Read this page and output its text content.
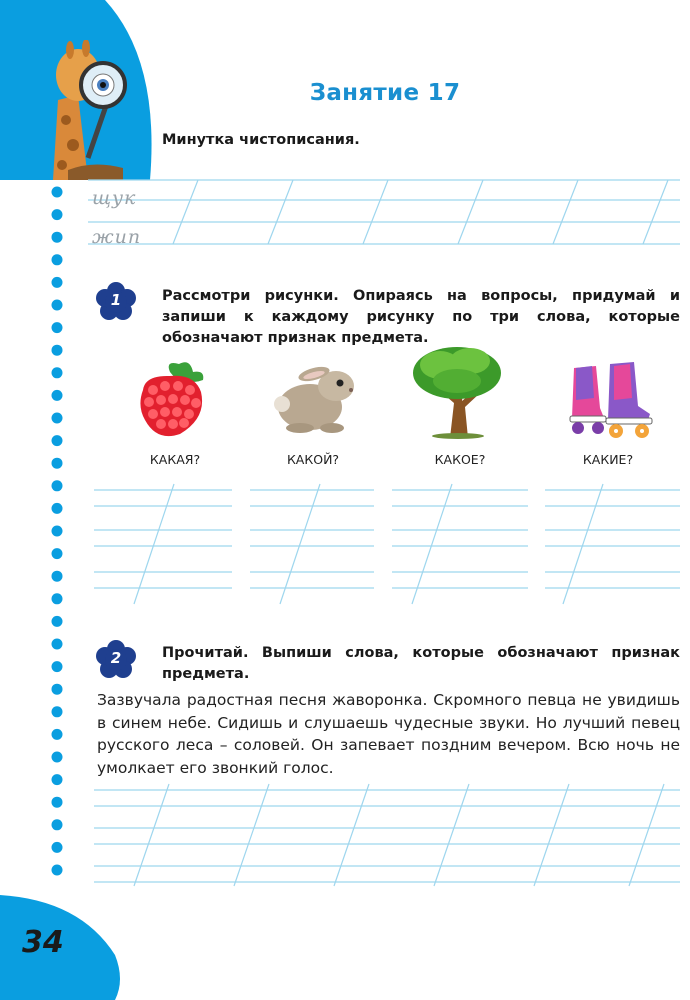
34
Занятие 17
Минутка чистописания.
щук
жип
1	Рассмотри рисунки. Опираясь на вопросы, придумай и запиши к каждому рисунку по три слова, которые обозначают признак предмета.
КАКАЯ?	КАКОЙ?	КАКОЕ?	КАКИЕ?
2	Прочитай. Выпиши слова, которые обозначают признак предмета.
Зазвучала радостная песня жаворонка. Скромного певца не увидишь в синем небе. Сидишь и слушаешь чудесные звуки. Но лучший певец русского леса – соловей. Он запевает поздним вечером. Всю ночь не умолкает его звонкий голос.
